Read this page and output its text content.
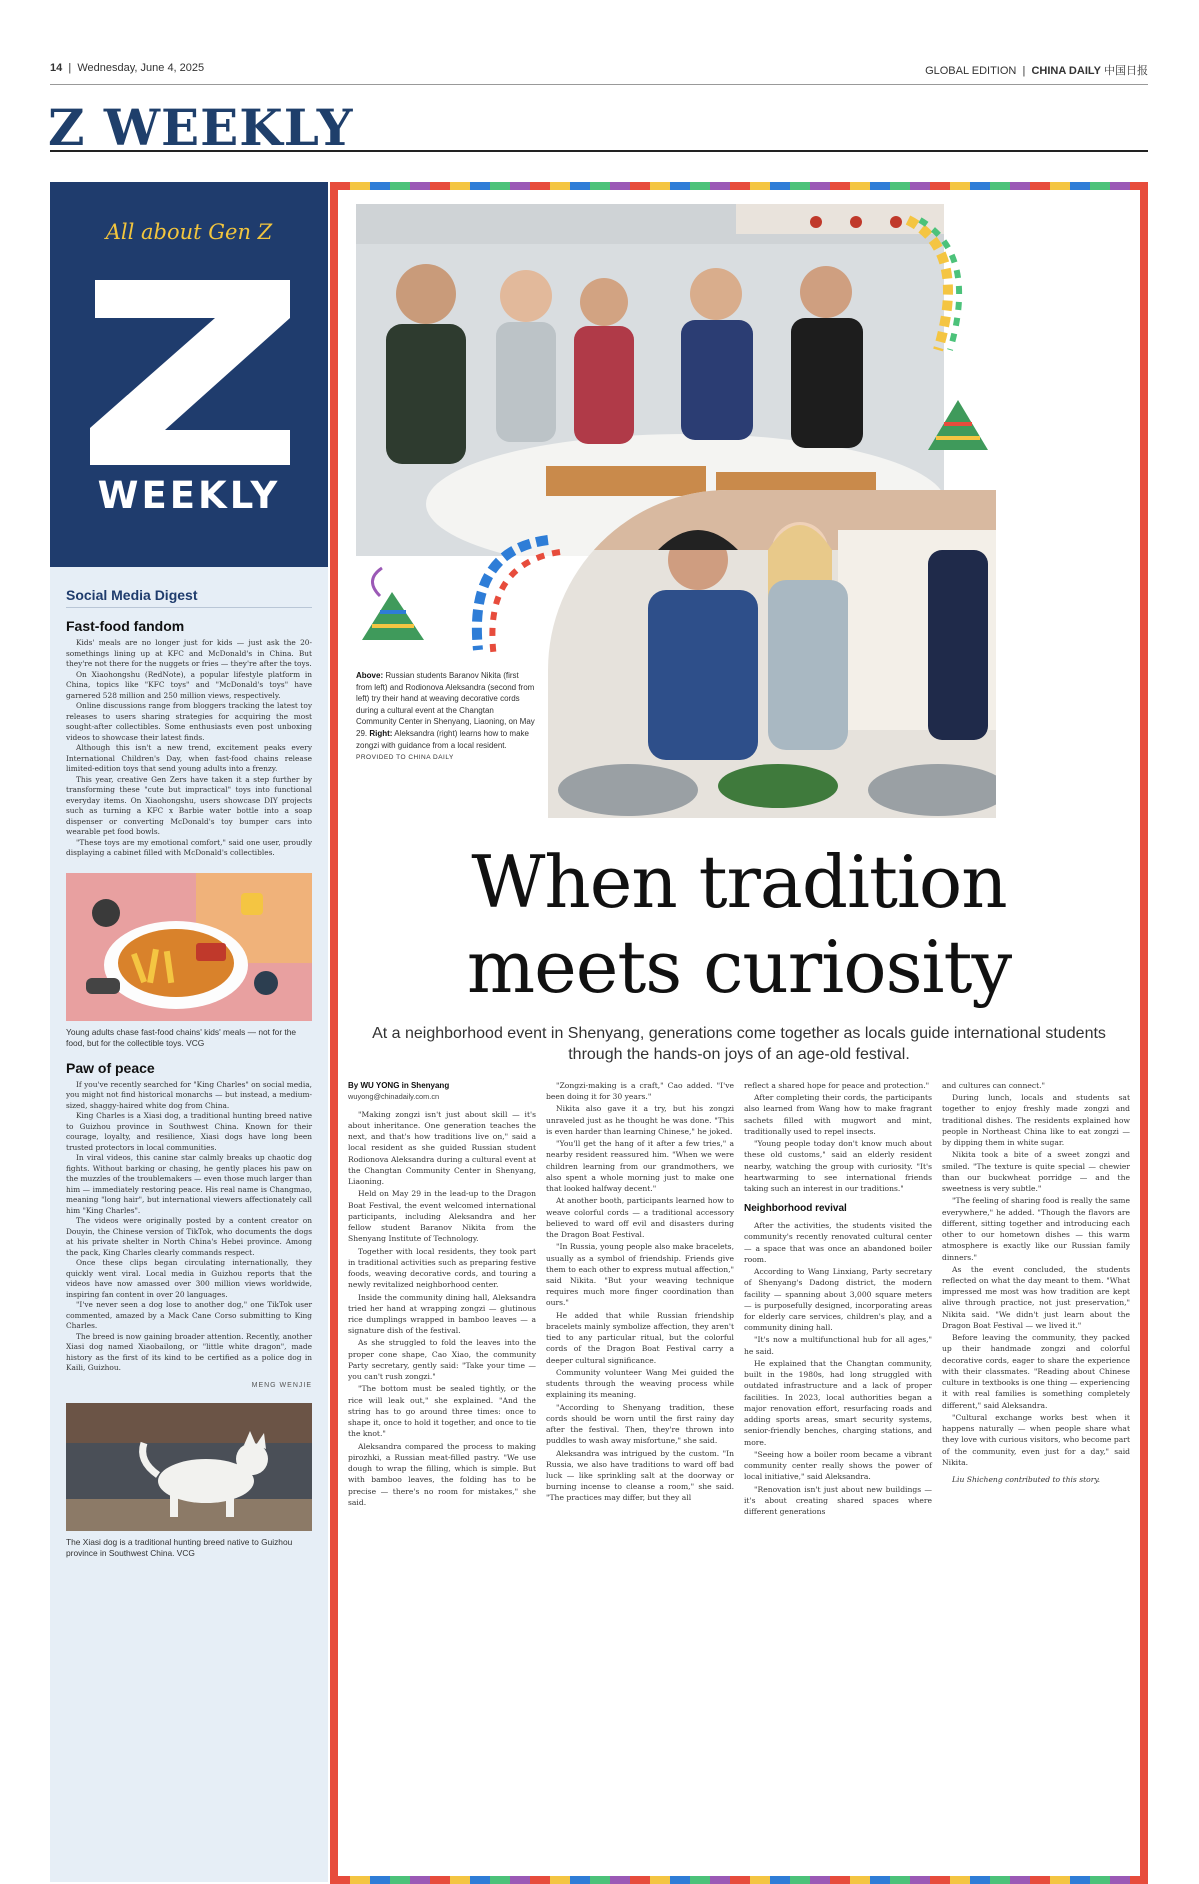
14  |  Wednesday, June 4, 2025	GLOBAL EDITION  |  CHINA DAILY 中国日报
Z WEEKLY
All about Gen Z
WEEKLY
Social Media Digest
Fast-food fandom

Kids' meals are no longer just for kids — just ask the 20-somethings lining up at KFC and McDonald's in China. But they're not there for the nuggets or fries — they're after the toys.

On Xiaohongshu (RedNote), a popular lifestyle platform in China, topics like "KFC toys" and "McDonald's toys" have garnered 528 million and 250 million views, respectively.

Online discussions range from bloggers tracking the latest toy releases to users sharing strategies for acquiring the most sought-after collectibles. Some enthusiasts even post unboxing videos to showcase their latest finds.

Although this isn't a new trend, excitement peaks every International Children's Day, when fast-food chains release limited-edition toys that send young adults into a frenzy.

This year, creative Gen Zers have taken it a step further by transforming these "cute but impractical" toys into functional everyday items. On Xiaohongshu, users showcase DIY projects such as turning a KFC x Barbie water bottle into a soap dispenser or converting McDonald's toy bumper cars into wearable pet food bowls.

"These toys are my emotional comfort," said one user, proudly displaying a cabinet filled with McDonald's collectibles.

Young adults chase fast-food chains' kids' meals — not for the food, but for the collectible toys. VCG
Paw of peace

If you've recently searched for "King Charles" on social media, you might not find historical monarchs — but instead, a medium-sized, shaggy-haired white dog from China.

King Charles is a Xiasi dog, a traditional hunting breed native to Guizhou province in Southwest China. Known for their courage, loyalty, and resilience, Xiasi dogs have long been trusted protectors in local communities.

In viral videos, this canine star calmly breaks up chaotic dog fights. Without barking or chasing, he gently places his paw on the muzzles of the troublemakers — even those much larger than him — immediately restoring peace. His real name is Changmao, meaning "long hair", but international viewers affectionately call him "King Charles".

The videos were originally posted by a content creator on Douyin, the Chinese version of TikTok, who documents the dogs at his private shelter in North China's Hebei province. Among the pack, King Charles clearly commands respect.

Once these clips began circulating internationally, they quickly went viral. Local media in Guizhou reports that the videos have now amassed over 300 million views worldwide, inspiring fan content in over 20 languages.

"I've never seen a dog lose to another dog," one TikTok user commented, amazed by a Mack Cane Corso submitting to King Charles.

The breed is now gaining broader attention. Recently, another Xiasi dog named Xiaobailong, or "little white dragon", made history as the first of its kind to be certified as a police dog in Kaili, Guizhou.

MENG WENJIE
The Xiasi dog is a traditional hunting breed native to Guizhou province in Southwest China. VCG
Above: Russian students Baranov Nikita (first from left) and Rodionova Aleksandra (second from left) try their hand at weaving decorative cords during a cultural event at the Changtan Community Center in Shenyang, Liaoning, on May 29. Right: Aleksandra (right) learns how to make zongzi with guidance from a local resident. PROVIDED TO CHINA DAILY
When tradition meets curiosity
At a neighborhood event in Shenyang, generations come together as locals guide international students through the hands-on joys of an age-old festival.
By WU YONG in Shenyang
wuyong@chinadaily.com.cn

"Making zongzi isn't just about skill — it's about inheritance. One generation teaches the next, and that's how traditions live on," said a local resident as she guided Russian student Rodionova Aleksandra during a cultural event at the Changtan Community Center in Shenyang, Liaoning.

Held on May 29 in the lead-up to the Dragon Boat Festival, the event welcomed international participants, including Aleksandra and her fellow student Baranov Nikita from the Shenyang Institute of Technology.

Together with local residents, they took part in traditional activities such as preparing festive foods, weaving decorative cords, and touring a newly revitalized neighborhood center.

Inside the community dining hall, Aleksandra tried her hand at wrapping zongzi — glutinous rice dumplings wrapped in bamboo leaves — a signature dish of the festival.

As she struggled to fold the leaves into the proper cone shape, Cao Xiao, the community Party secretary, gently said: "Take your time — you can't rush zongzi."

"The bottom must be sealed tightly, or the rice will leak out," she explained. "And the string has to go around three times: once to shape it, once to hold it together, and once to tie the knot."

Aleksandra compared the process to making pirozhki, a Russian meat-filled pastry. "We use dough to wrap the filling, which is simple. But with bamboo leaves, the folding has to be precise — there's no room for mistakes," she said.

"Zongzi-making is a craft," Cao added. "I've been doing it for 30 years."

Nikita also gave it a try, but his zongzi unraveled just as he thought he was done. "This is even harder than learning Chinese," he joked.

"You'll get the hang of it after a few tries," a nearby resident reassured him. "When we were children learning from our grandmothers, we also spent a whole morning just to make one that looked halfway decent."

At another booth, participants learned how to weave colorful cords — a traditional accessory believed to ward off evil and disasters during the Dragon Boat Festival.

"In Russia, young people also make bracelets, usually as a symbol of friendship. Friends give them to each other to express mutual affection," said Nikita. "But your weaving technique requires much more finger coordination than ours."

He added that while Russian friendship bracelets mainly symbolize affection, they aren't tied to any particular ritual, but the colorful cords of the Dragon Boat Festival carry a deeper cultural significance.

Community volunteer Wang Mei guided the students through the weaving process while explaining its meaning.

"According to Shenyang tradition, these cords should be worn until the first rainy day after the festival. Then, they're thrown into puddles to wash away misfortune," she said.

Aleksandra was intrigued by the custom. "In Russia, we also have traditions to ward off bad luck — like sprinkling salt at the doorway or burning incense to cleanse a room," she said. "The practices may differ, but they all

reflect a shared hope for peace and protection."

After completing their cords, the participants also learned from Wang how to make fragrant sachets filled with mugwort and mint, traditionally used to repel insects.

"Young people today don't know much about these old customs," said an elderly resident nearby, watching the group with curiosity. "It's heartwarming to see international friends taking such an interest in our traditions."

Neighborhood revival

After the activities, the students visited the community's recently renovated cultural center — a space that was once an abandoned boiler room.

According to Wang Linxiang, Party secretary of Shenyang's Dadong district, the modern facility — spanning about 3,000 square meters — is purposefully designed, incorporating areas for elderly care services, children's play, and a community dining hall.

"It's now a multifunctional hub for all ages," he said.

He explained that the Changtan community, built in the 1980s, had long struggled with outdated infrastructure and a lack of proper facilities. In 2023, local authorities began a major renovation effort, resurfacing roads and adding sports areas, smart security systems, senior-friendly benches, charging stations, and more.

"Seeing how a boiler room became a vibrant community center really shows the power of local initiative," said Aleksandra.

"Renovation isn't just about new buildings — it's about creating shared spaces where different generations

and cultures can connect."

During lunch, locals and students sat together to enjoy freshly made zongzi and traditional dishes. The residents explained how people in Northeast China like to eat zongzi — by dipping them in white sugar.

Nikita took a bite of a sweet zongzi and smiled. "The texture is quite special — chewier than our buckwheat porridge — and the sweetness is very subtle."

"The feeling of sharing food is really the same everywhere," he added. "Though the flavors are different, sitting together and introducing each other to our hometown dishes — this warm atmosphere is exactly like our Russian family dinners."

As the event concluded, the students reflected on what the day meant to them. "What impressed me most was how tradition are kept alive through practice, not just preservation," Nikita said. "We didn't just learn about the Dragon Boat Festival — we lived it."

Before leaving the community, they packed up their handmade zongzi and colorful decorative cords, eager to share the experience with their classmates. "Reading about Chinese culture in textbooks is one thing — experiencing it with real families is something completely different," said Aleksandra.

"Cultural exchange works best when it happens naturally — when people share what they love with curious visitors, who become part of the community, even just for a day," said Nikita.

Liu Shicheng contributed to this story.
